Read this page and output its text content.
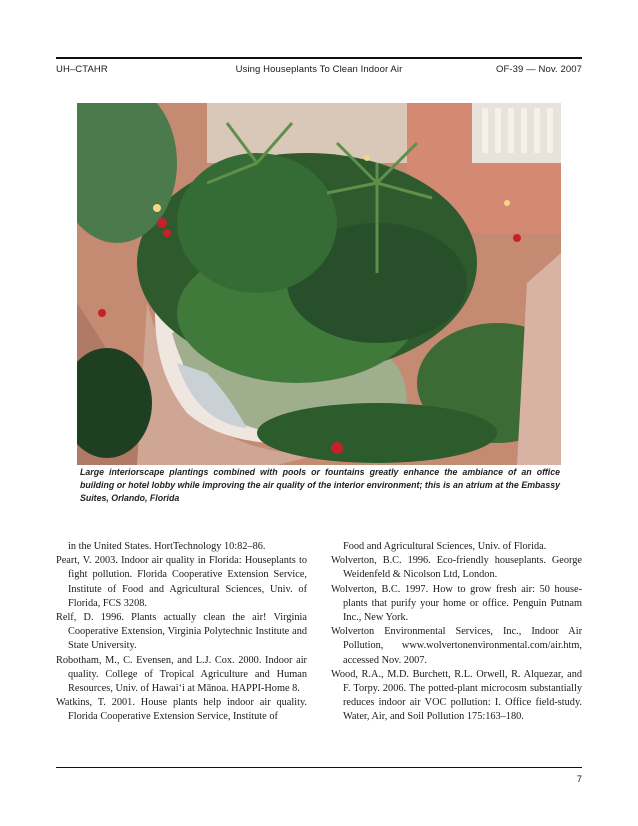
UH–CTAHR	Using Houseplants To Clean Indoor Air	OF-39 — Nov. 2007
Large interiorscape plantings combined with pools or fountains greatly enhance the ambiance of an office building or hotel lobby while improving the air quality of the interior environment; this is an atrium at the Embassy Suites, Orlando, Florida

in the United States. HortTechnology 10:82–86.

Peart, V. 2003. Indoor air quality in Florida: Houseplants to fight pollution. Florida Cooperative Extension Service, Institute of Food and Agricultural Sciences, Univ. of Florida, FCS 3208.

Relf, D. 1996. Plants actually clean the air! Virginia Cooperative Extension, Virginia Polytechnic Institute and State University.

Robotham, M., C. Evensen, and L.J. Cox. 2000. Indoor air quality. College of Tropical Agriculture and Human Resources, Univ. of Hawai‘i at Mānoa. HAPPI-Home 8.

Watkins, T. 2001. House plants help indoor air quality. Florida Cooperative Extension Service, Institute of

Food and Agricultural Sciences, Univ. of Florida.

Wolverton, B.C. 1996. Eco-friendly houseplants. George Weidenfeld & Nicolson Ltd, London.

Wolverton, B.C. 1997. How to grow fresh air: 50 house-plants that purify your home or office. Penguin Putnam Inc., New York.

Wolverton Environmental Services, Inc., Indoor Air Pollution, www.wolvertonenvironmental.com/air.htm, accessed Nov. 2007.

Wood, R.A., M.D. Burchett, R.L. Orwell, R. Alquezar, and F. Torpy. 2006. The potted-plant microcosm substantially reduces indoor air VOC pollution: I. Office field-study. Water, Air, and Soil Pollution 175:163–180.

7
